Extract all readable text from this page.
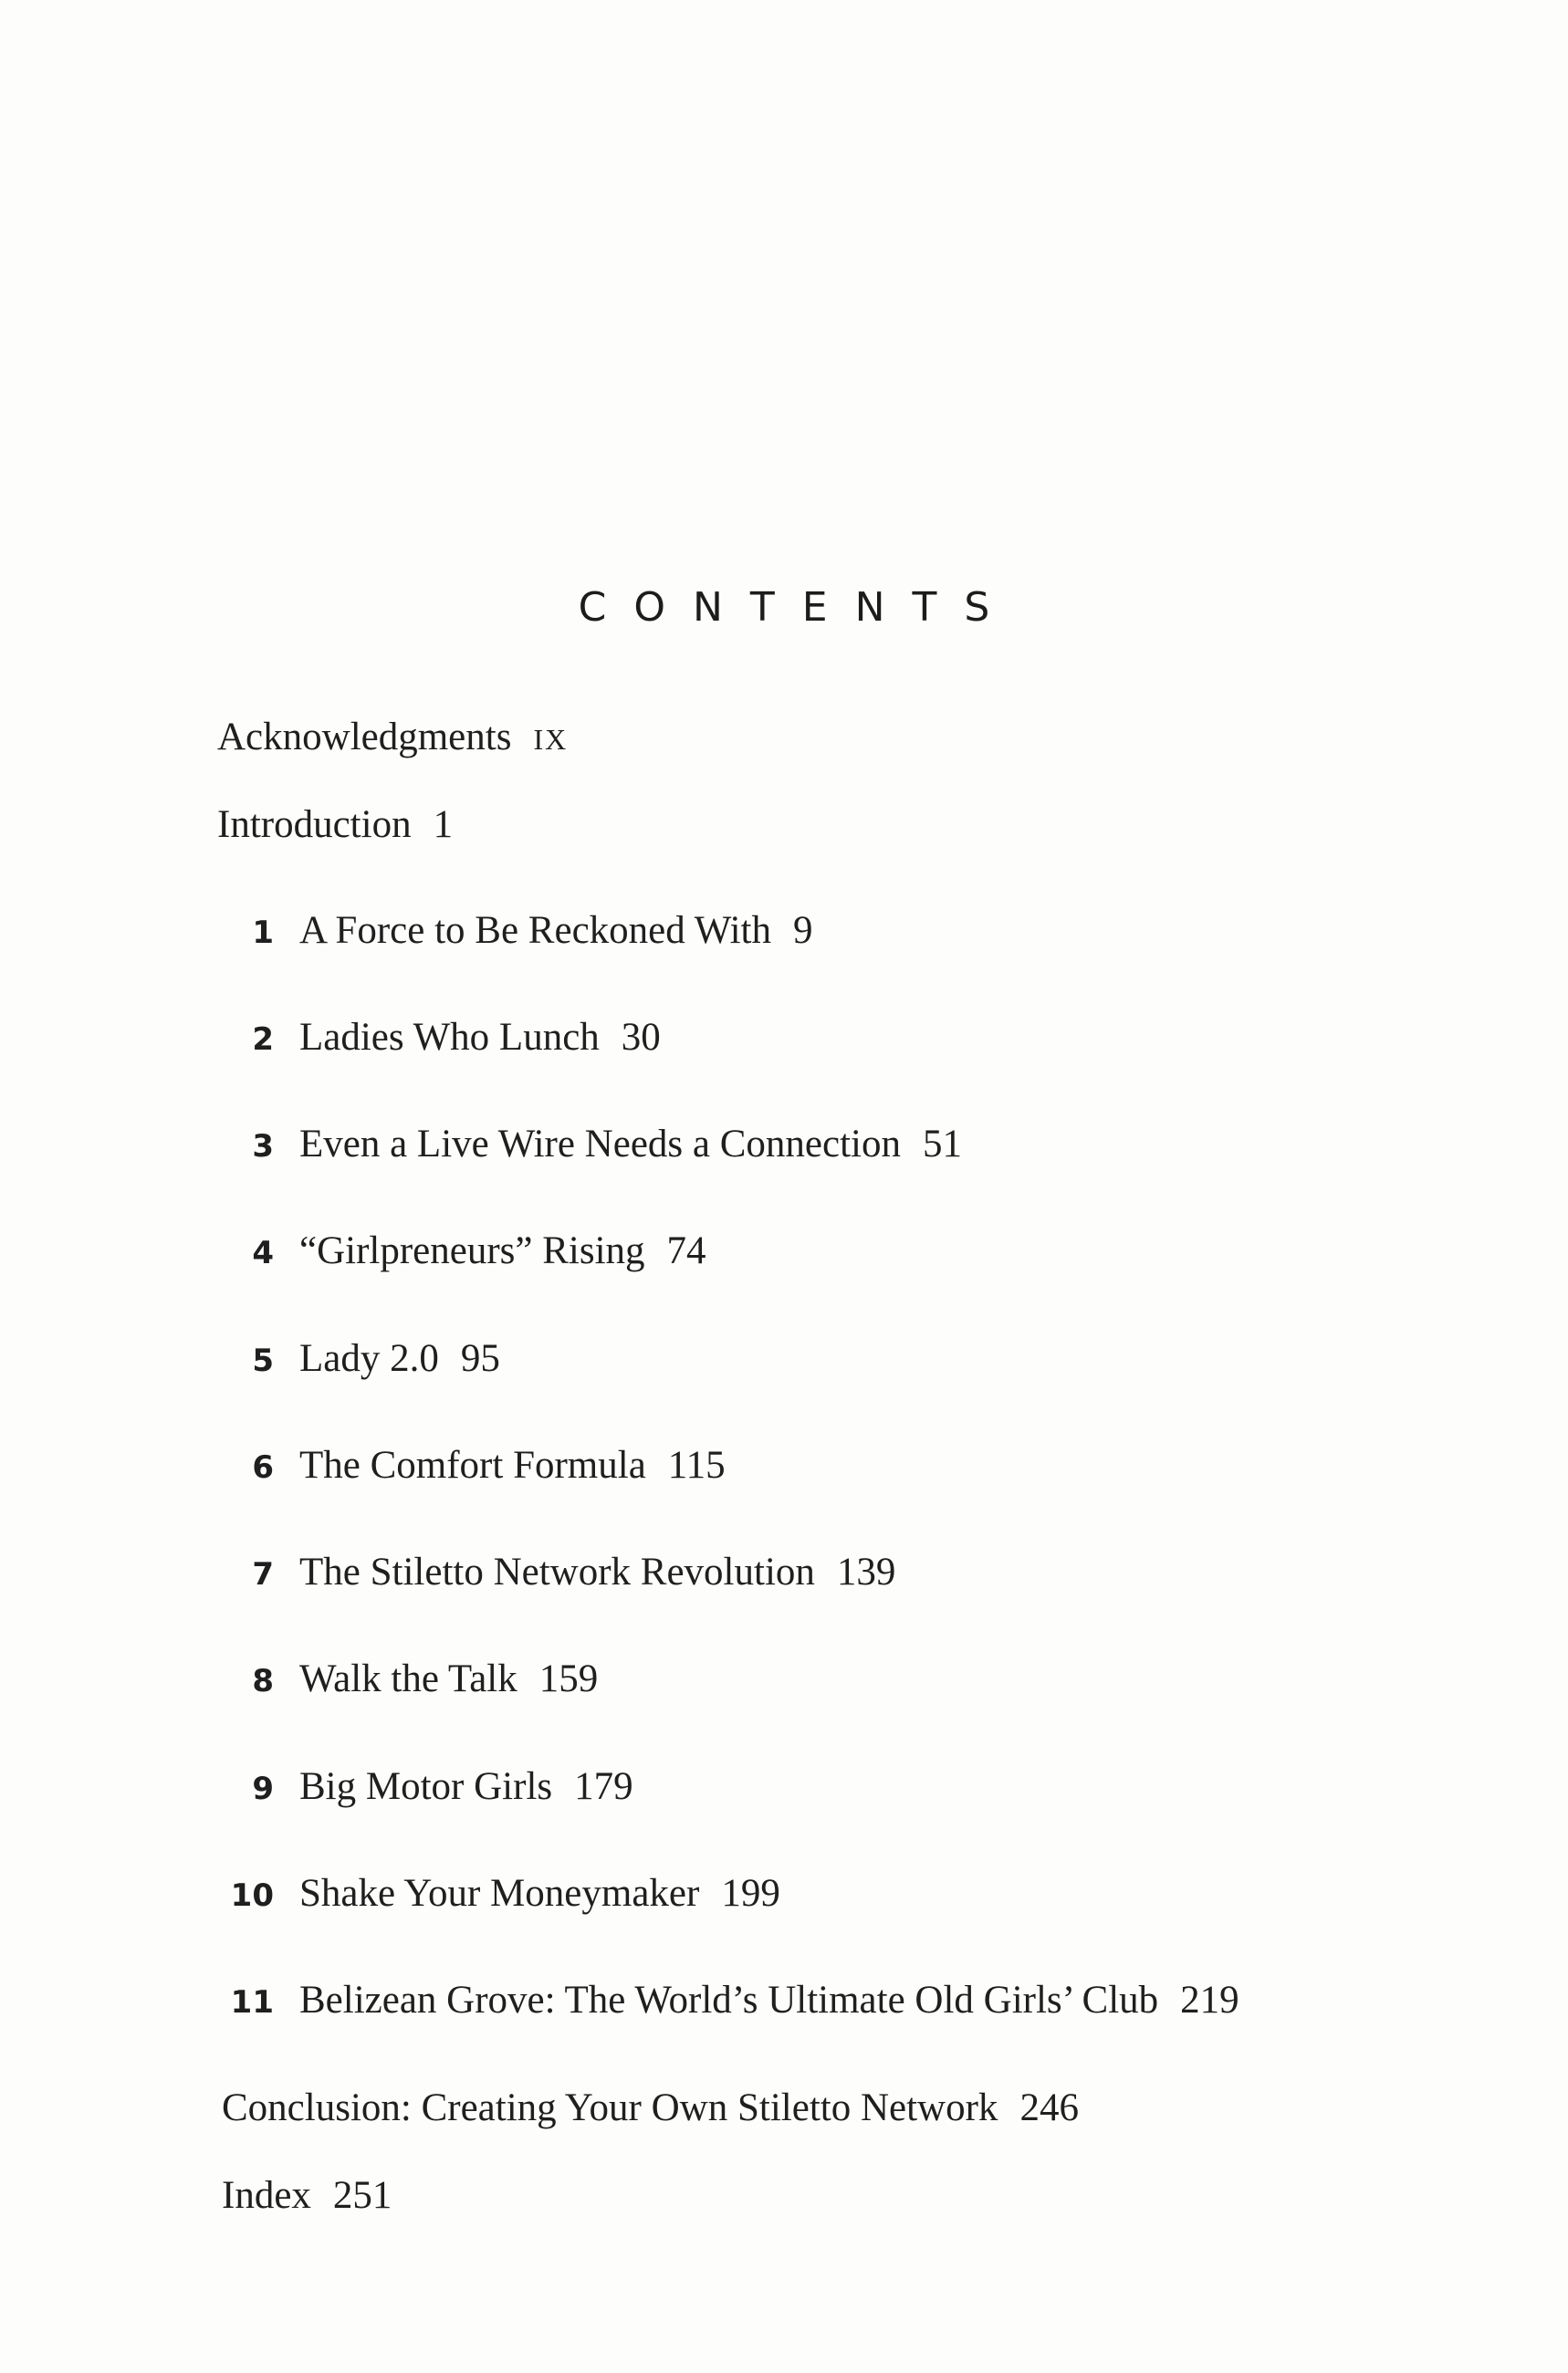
CONTENTS
Acknowledgments IX
Introduction 1
1 A Force to Be Reckoned With 9
2 Ladies Who Lunch 30
3 Even a Live Wire Needs a Connection 51
4 “Girlpreneurs” Rising 74
5 Lady 2.0 95
6 The Comfort Formula 115
7 The Stiletto Network Revolution 139
8 Walk the Talk 159
9 Big Motor Girls 179
10 Shake Your Moneymaker 199
11 Belizean Grove: The World’s Ultimate Old Girls’ Club 219
Conclusion: Creating Your Own Stiletto Network 246
Index 251
